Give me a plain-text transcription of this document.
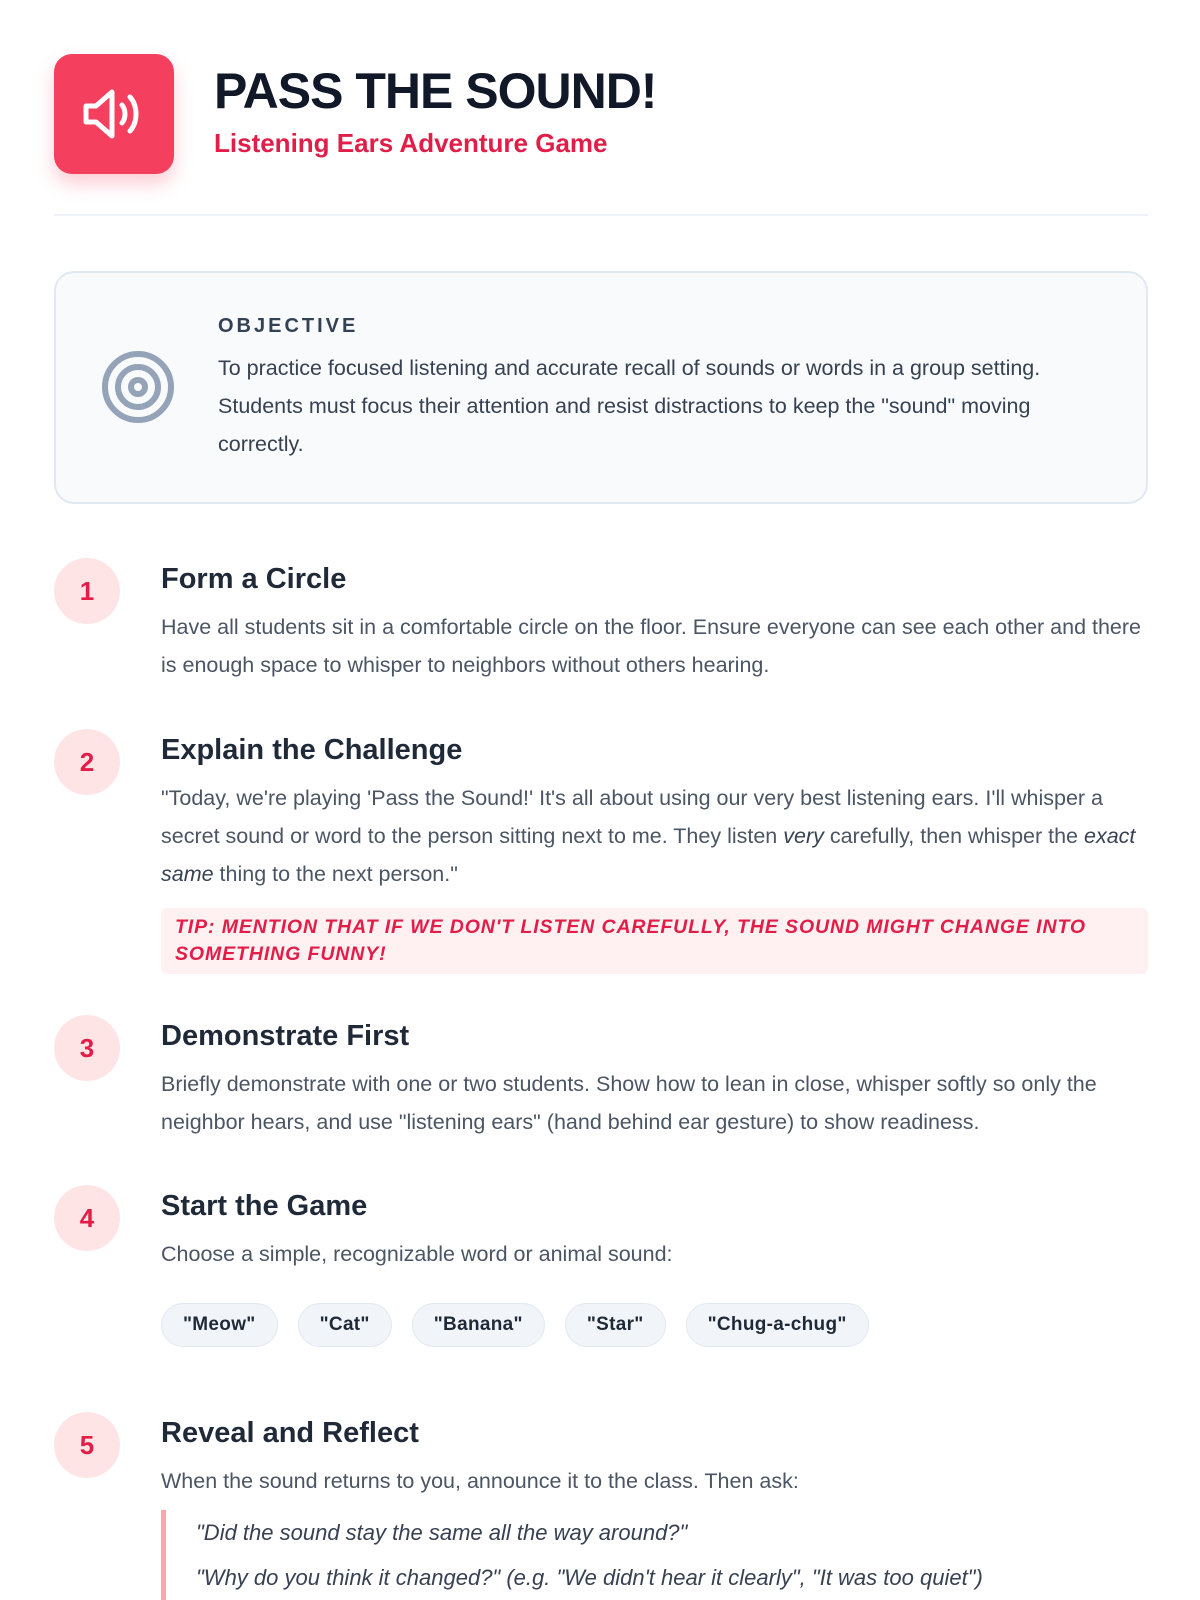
PASS THE SOUND!
Listening Ears Adventure Game
OBJECTIVE
To practice focused listening and accurate recall of sounds or words in a group setting. Students must focus their attention and resist distractions to keep the "sound" moving correctly.
1	Form a Circle
Have all students sit in a comfortable circle on the floor. Ensure everyone can see each other and there is enough space to whisper to neighbors without others hearing.
2	Explain the Challenge
"Today, we're playing 'Pass the Sound!' It's all about using our very best listening ears. I'll whisper a secret sound or word to the person sitting next to me. They listen very carefully, then whisper the exact same thing to the next person."
TIP: MENTION THAT IF WE DON'T LISTEN CAREFULLY, THE SOUND MIGHT CHANGE INTO SOMETHING FUNNY!
3	Demonstrate First
Briefly demonstrate with one or two students. Show how to lean in close, whisper softly so only the neighbor hears, and use "listening ears" (hand behind ear gesture) to show readiness.
4	Start the Game
Choose a simple, recognizable word or animal sound:
"Meow"	"Cat"	"Banana"	"Star"	"Chug-a-chug"
5	Reveal and Reflect
When the sound returns to you, announce it to the class. Then ask:
"Did the sound stay the same all the way around?"
"Why do you think it changed?" (e.g. "We didn't hear it clearly", "It was too quiet")
